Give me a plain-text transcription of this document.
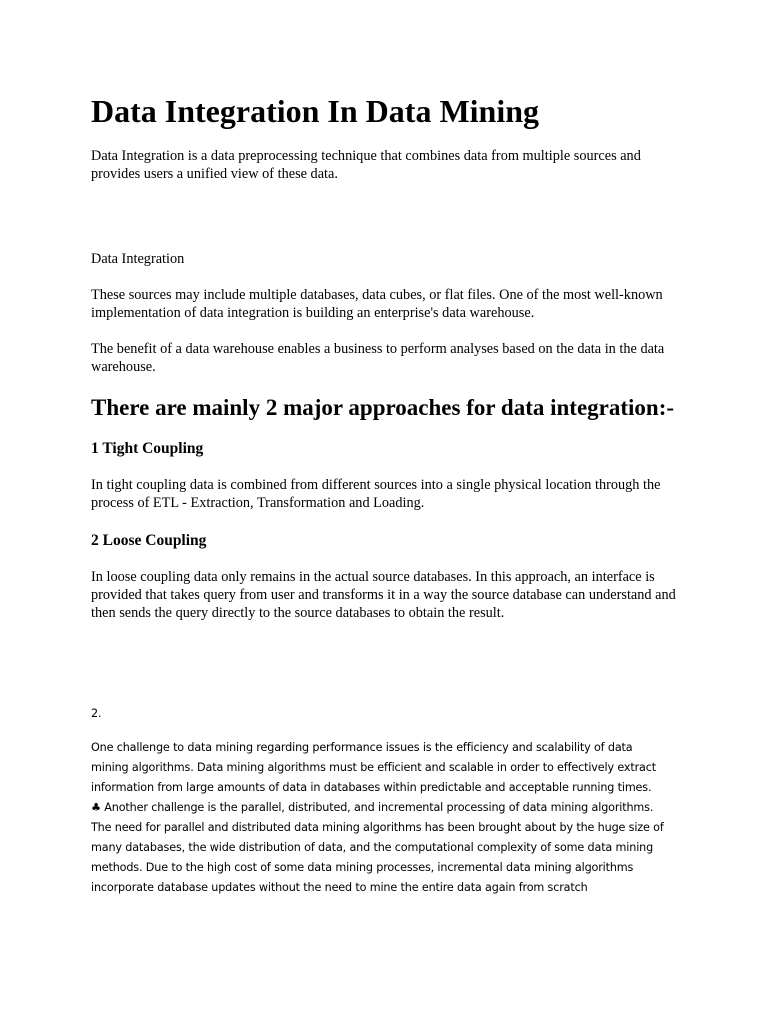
Data Integration In Data Mining

Data Integration is a data preprocessing technique that combines data from multiple sources and provides users a unified view of these data.

Data Integration

These sources may include multiple databases, data cubes, or flat files. One of the most well-known implementation of data integration is building an enterprise's data warehouse.

The benefit of a data warehouse enables a business to perform analyses based on the data in the data warehouse.

There are mainly 2 major approaches for data integration:-
1 Tight Coupling

In tight coupling data is combined from different sources into a single physical location through the process of ETL - Extraction, Transformation and Loading.

2 Loose Coupling

In loose coupling data only remains in the actual source databases. In this approach, an interface is provided that takes query from user and transforms it in a way the source database can understand and then sends the query directly to the source databases to obtain the result.

2.

One challenge to data mining regarding performance issues is the efficiency and scalability of data
mining algorithms. Data mining algorithms must be efficient and scalable in order to effectively extract
information from large amounts of data in databases within predictable and acceptable running times.
♣ Another challenge is the parallel, distributed, and incremental processing of data mining algorithms.
The need for parallel and distributed data mining algorithms has been brought about by the huge size of
many databases, the wide distribution of data, and the computational complexity of some data mining
methods. Due to the high cost of some data mining processes, incremental data mining algorithms
incorporate database updates without the need to mine the entire data again from scratch
